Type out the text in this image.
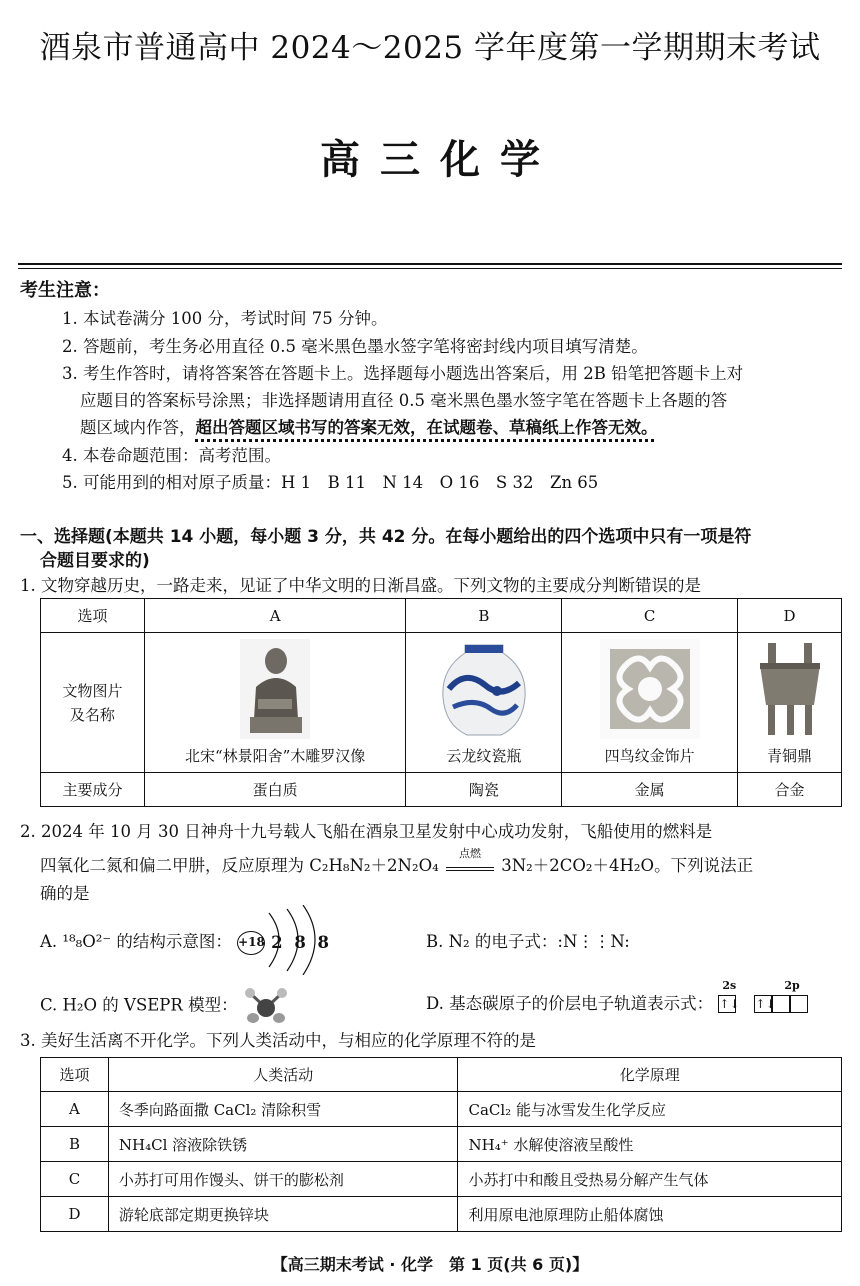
酒泉市普通高中 2024～2025 学年度第一学期期末考试
高三化学
考生注意：
1. 本试卷满分 100 分，考试时间 75 分钟。
2. 答题前，考生务必用直径 0.5 毫米黑色墨水签字笔将密封线内项目填写清楚。
3. 考生作答时，请将答案答在答题卡上。选择题每小题选出答案后，用 2B 铅笔把答题卡上对
应题目的答案标号涂黑；非选择题请用直径 0.5 毫米黑色墨水签字笔在答题卡上各题的答
题区域内作答，超出答题区域书写的答案无效，在试题卷、草稿纸上作答无效。
4. 本卷命题范围：高考范围。
5. 可能用到的相对原子质量：H 1　B 11　N 14　O 16　S 32　Zn 65
一、选择题(本题共 14 小题，每小题 3 分，共 42 分。在每小题给出的四个选项中只有一项是符
合题目要求的)
1. 文物穿越历史，一路走来，见证了中华文明的日渐昌盛。下列文物的主要成分判断错误的是
选项	A	B	C	D

文物图片及名称	北宋“林景阳舍”木雕罗汉像	云龙纹瓷瓶	四鸟纹金饰片	青铜鼎

主要成分	蛋白质	陶瓷	金属	合金
2. 2024 年 10 月 30 日神舟十九号载人飞船在酒泉卫星发射中心成功发射，飞船使用的燃料是
四氧化二氮和偏二甲肼，反应原理为 C₂H₈N₂＋2N₂O₄
点燃
3N₂＋2CO₂＋4H₂O。下列说法正
确的是
A. ¹⁸₈O²⁻ 的结构示意图： +18 2 8 8	B. N₂ 的电子式：:N⋮⋮N:
C. H₂O 的 VSEPR 模型：	D. 基态碳原子的价层电子轨道表示式：
2s
↑↓
2p
↑↓
3. 美好生活离不开化学。下列人类活动中，与相应的化学原理不符的是
选项	人类活动	化学原理
A	冬季向路面撒 CaCl₂ 清除积雪	CaCl₂ 能与冰雪发生化学反应
B	NH₄Cl 溶液除铁锈	NH₄⁺ 水解使溶液呈酸性
C	小苏打可用作馒头、饼干的膨松剂	小苏打中和酸且受热易分解产生气体
D	游轮底部定期更换锌块	利用原电池原理防止船体腐蚀
【高三期末考试 · 化学　第 1 页(共 6 页)】
